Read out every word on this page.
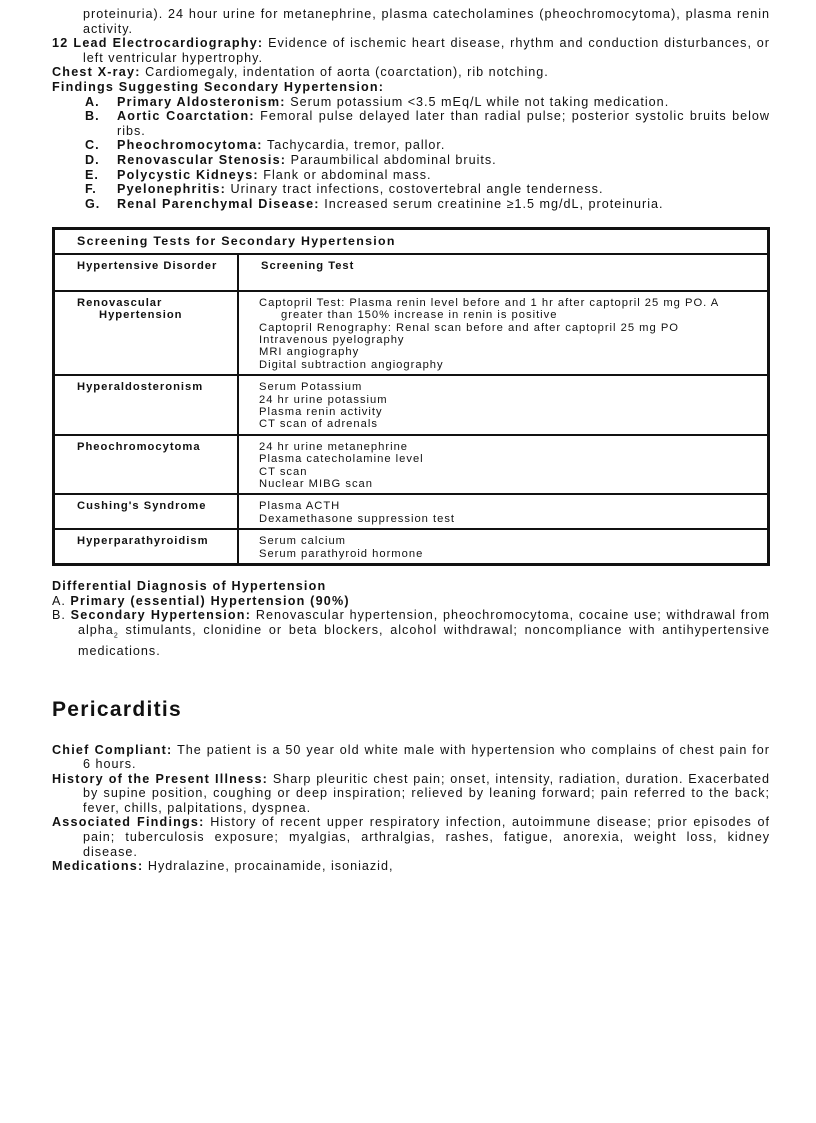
proteinuria). 24 hour urine for metanephrine, plasma catecholamines (pheochromocytoma), plasma renin activity.

12 Lead Electrocardiography: Evidence of ischemic heart disease, rhythm and conduction disturbances, or left ventricular hypertrophy.

Chest X-ray: Cardiomegaly, indentation of aorta (coarctation), rib notching.

Findings Suggesting Secondary Hypertension:

A.	Primary Aldosteronism: Serum potassium <3.5 mEq/L while not taking medication.
B.	Aortic Coarctation: Femoral pulse delayed later than radial pulse; posterior systolic bruits below ribs.
C.	Pheochromocytoma: Tachycardia, tremor, pallor.
D.	Renovascular Stenosis: Paraumbilical abdominal bruits.
E.	Polycystic Kidneys: Flank or abdominal mass.
F.	Pyelonephritis: Urinary tract infections, costovertebral angle tenderness.
G.	Renal Parenchymal Disease: Increased serum creatinine ≥1.5 mg/dL, proteinuria.
Screening Tests for Secondary Hypertension	

Hypertensive Disorder	Screening Test

Renovascular Hypertension	Captopril Test: Plasma renin level before and 1 hr after captopril 25 mg PO. A greater than 150% increase in renin is positive
Captopril Renography: Renal scan before and after captopril 25 mg PO
Intravenous pyelography
MRI angiography
Digital subtraction angiography

Hyperaldosteronism	Serum Potassium
24 hr urine potassium
Plasma renin activity
CT scan of adrenals

Pheochromocytoma	24 hr urine metanephrine
Plasma catecholamine level
CT scan
Nuclear MIBG scan

Cushing's Syndrome	Plasma ACTH
Dexamethasone suppression test

Hyperparathyroidism	Serum calcium
Serum parathyroid hormone

Differential Diagnosis of Hypertension

A. Primary (essential) Hypertension (90%)

B. Secondary Hypertension: Renovascular hypertension, pheochromocytoma, cocaine use; withdrawal from alpha$_2$ stimulants, clonidine or beta blockers, alcohol withdrawal; noncompliance with antihypertensive medications.

Pericarditis

Chief Compliant: The patient is a 50 year old white male with hypertension who complains of chest pain for 6 hours.

History of the Present Illness: Sharp pleuritic chest pain; onset, intensity, radiation, duration. Exacerbated by supine position, coughing or deep inspiration; relieved by leaning forward; pain referred to the back; fever, chills, palpitations, dyspnea.

Associated Findings: History of recent upper respiratory infection, autoimmune disease; prior episodes of pain; tuberculosis exposure; myalgias, arthralgias, rashes, fatigue, anorexia, weight loss, kidney disease.

Medications: Hydralazine, procainamide, isoniazid,
